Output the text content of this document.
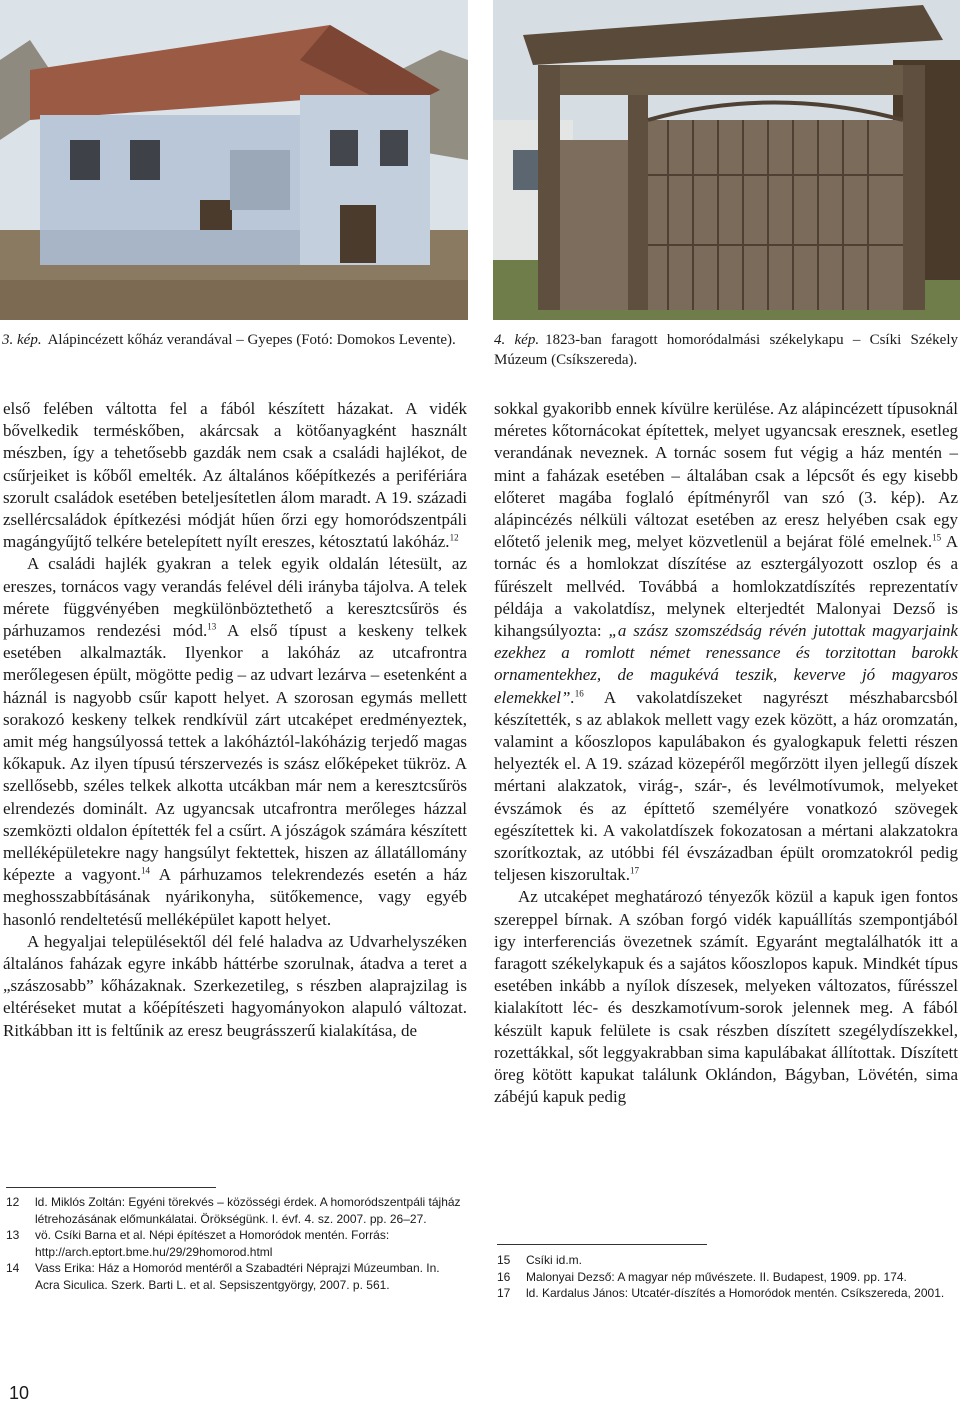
3. kép. Alápincézett kőház verandával – Gyepes (Fotó: Domokos Levente).	4. kép. 1823-ban faragott homoródalmási székelykapu – Csíki Székely Múzeum (Csíkszereda).

első felében váltotta fel a fából készített házakat. A vidék bővelkedik terméskőben, akárcsak a kötőanyagként használt mészben, így a tehetősebb gazdák nem csak a családi hajlékot, de csűrjeiket is kőből emelték. Az általános kőépítkezés a perifériára szorult családok esetében beteljesítetlen álom maradt. A 19. századi zsellércsaládok építkezési módját hűen őrzi egy homoródszentpáli magángyűjtő telkére betelepített nyílt ereszes, kétosztatú lakóház.$^{12}$

A családi hajlék gyakran a telek egyik oldalán létesült, az ereszes, tornácos vagy verandás felével déli irányba tájolva. A telek mérete függvényében megkülönböztethető a keresztcsűrös és párhuzamos rendezési mód.$^{13}$ A első típust a keskeny telkek esetében alkalmazták. Ilyenkor a lakóház az utcafrontra merőlegesen épült, mögötte pedig – az udvart lezárva – esetenként a háznál is nagyobb csűr kapott helyet. A szorosan egymás mellett sorakozó keskeny telkek rendkívül zárt utcaképet eredményeztek, amit még hangsúlyossá tettek a lakóháztól-lakóházig terjedő magas kőkapuk. Az ilyen típusú térszervezés is szász előképeket tükröz. A szellősebb, széles telkek alkotta utcákban már nem a keresztcsűrös elrendezés dominált. Az ugyancsak utcafrontra merőleges házzal szemközti oldalon építették fel a csűrt. A jószágok számára készített melléképületekre nagy hangsúlyt fektettek, hiszen az állatállomány képezte a vagyont.$^{14}$ A párhuzamos telekrendezés esetén a ház meghosszabbításának nyárikonyha, sütőkemence, vagy egyéb hasonló rendeltetésű melléképület kapott helyet.

A hegyaljai településektől dél felé haladva az Udvarhelyszéken általános faházak egyre inkább háttérbe szorulnak, átadva a teret a „szászosabb” kőházaknak. Szerkezetileg, s részben alaprajzilag is eltéréseket mutat a kőépítészeti hagyományokon alapuló változat. Ritkábban itt is feltűnik az eresz beugrásszerű kialakítása, de

sokkal gyakoribb ennek kívülre kerülése. Az alápincézett típusoknál méretes kőtornácokat építettek, melyet ugyancsak eresznek, esetleg verandának neveznek. A tornác sosem fut végig a ház mentén – mint a faházak esetében – általában csak a lépcsőt és egy kisebb előteret magába foglaló építményről van szó (3. kép). Az alápincézés nélküli változat esetében az eresz helyében csak egy előtető jelenik meg, melyet közvetlenül a bejárat fölé emelnek.$^{15}$ A tornác és a homlokzat díszítése az esztergályozott oszlop és a fűrészelt mellvéd. Továbbá a homlokzatdíszítés reprezentatív példája a vakolatdísz, melynek elterjedtét Malonyai Dezső is kihangsúlyozta: „a szász szomszédság révén jutottak magyarjaink ezekhez a romlott német renessance és torzitottan barokk ornamentekhez, de magukévá teszik, keverve jó magyaros elemekkel”.$^{16}$ A vakolatdíszeket nagyrészt mészhabarcsból készítették, s az ablakok mellett vagy ezek között, a ház oromzatán, valamint a kőoszlopos kapulábakon és gyalogkapuk feletti részen helyezték el. A 19. század közepéről megőrzött ilyen jellegű díszek mértani alakzatok, virág-, szár-, és levélmotívumok, melyeket évszámok és az építtető személyére vonatkozó szövegek egészítettek ki. A vakolatdíszek fokozatosan a mértani alakzatokra szorítkoztak, az utóbbi fél évszázadban épült oromzatokról pedig teljesen kiszorultak.$^{17}$

Az utcaképet meghatározó tényezők közül a kapuk igen fontos szereppel bírnak. A szóban forgó vidék kapuállítás szempontjából igy interferenciás övezetnek számít. Egyaránt megtalálhatók itt a faragott székelykapuk és a sajátos kőoszlopos kapuk. Mindkét típus esetében inkább a nyílok díszesek, melyeken változatos, fűrésszel kialakított léc- és deszkamotívum-sorok jelennek meg. A fából készült kapuk felülete is csak részben díszített szegélydíszekkel, rozettákkal, sőt leggyakrabban sima kapulábakat állítottak. Díszített öreg kötött kapukat találunk Oklándon, Bágyban, Lövétén, sima zábéjú kapuk pedig

12 ld. Miklós Zoltán: Egyéni törekvés – közösségi érdek. A homoródszentpáli tájház létrehozásának előmunkálatai. Örökségünk. I. évf. 4. sz. 2007. pp. 26–27.
13 vö. Csíki Barna et al. Népi építészet a Homoródok mentén. Forrás: http://arch.eptort.bme.hu/29/29homorod.html
14 Vass Erika: Ház a Homoród mentéről a Szabadtéri Néprajzi Múzeumban. In. Acra Siculica. Szerk. Barti L. et al. Sepsiszentgyörgy, 2007. p. 561.
15 Csíki id.m.
16 Malonyai Dezső: A magyar nép művészete. II. Budapest, 1909. pp. 174.
17 ld. Kardalus János: Utcatér-díszítés a Homoródok mentén. Csíkszereda, 2001.
10
